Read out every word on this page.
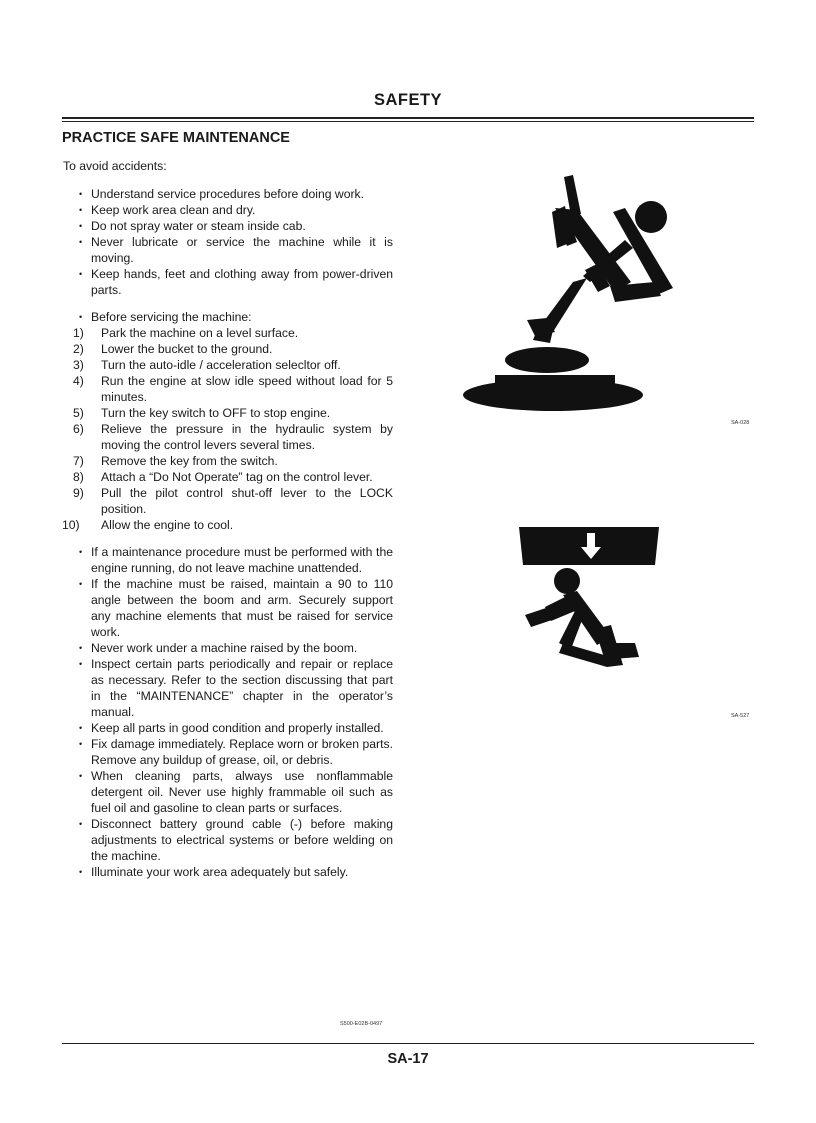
SAFETY
PRACTICE SAFE MAINTENANCE
To avoid accidents:
• Understand service procedures before doing work.
• Keep work area clean and dry.
• Do not spray water or steam inside cab.
• Never lubricate or service the machine while it is moving.
• Keep hands, feet and clothing away from power-driven parts.
• Before servicing the machine:
1) Park the machine on a level surface.
2) Lower the bucket to the ground.
3) Turn the auto-idle / acceleration selecltor off.
4) Run the engine at slow idle speed without load for 5 minutes.
5) Turn the key switch to OFF to stop engine.
6) Relieve the pressure in the hydraulic system by moving the control levers several times.
7) Remove the key from the switch.
8) Attach a “Do Not Operate” tag on the control lever.
9) Pull the pilot control shut-off lever to the LOCK position.
10) Allow the engine to cool.
• If a maintenance procedure must be performed with the engine running, do not leave machine unattended.
• If the machine must be raised, maintain a 90 to 110 angle between the boom and arm. Securely support any machine elements that must be raised for service work.
• Never work under a machine raised by the boom.
• Inspect certain parts periodically and repair or replace as necessary. Refer to the section discussing that part in the “MAINTENANCE” chapter in the operator’s manual.
• Keep all parts in good condition and properly installed.
• Fix damage immediately. Replace worn or broken parts. Remove any buildup of grease, oil, or debris.
• When cleaning parts, always use nonflammable detergent oil. Never use highly frammable oil such as fuel oil and gasoline to clean parts or surfaces.
• Disconnect battery ground cable (-) before making adjustments to electrical systems or before welding on the machine.
• Illuminate your work area adequately but safely.
SA-028
SA-527
S500-E02B-0497
SA-17
